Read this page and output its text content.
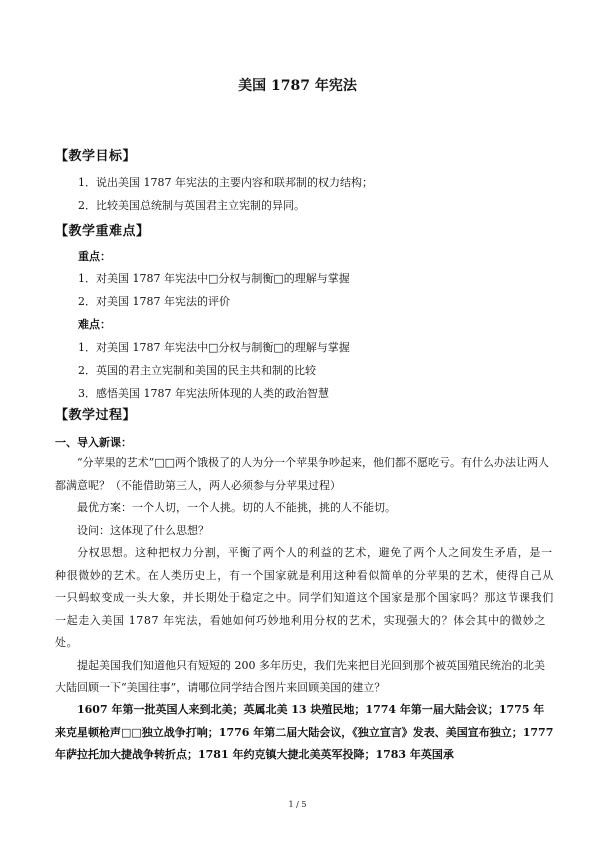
美国 1787 年宪法
【教学目标】
1．说出美国 1787 年宪法的主要内容和联邦制的权力结构；
2．比较美国总统制与英国君主立宪制的异同。
【教学重难点】
重点：
1．对美国 1787 年宪法中□分权与制衡□的理解与掌握
2．对美国 1787 年宪法的评价
难点：
1．对美国 1787 年宪法中□分权与制衡□的理解与掌握
2．英国的君主立宪制和美国的民主共和制的比较
3．感悟美国 1787 年宪法所体现的人类的政治智慧
【教学过程】
一、导入新课：

“分苹果的艺术”□□两个饿极了的人为分一个苹果争吵起来，他们都不愿吃亏。有什么办法让两人都满意呢？（不能借助第三人，两人必须参与分苹果过程）

最优方案：一个人切，一个人挑。切的人不能挑，挑的人不能切。

设问：这体现了什么思想？

分权思想。这种把权力分割，平衡了两个人的利益的艺术，避免了两个人之间发生矛盾，是一种很微妙的艺术。在人类历史上，有一个国家就是利用这种看似简单的分苹果的艺术，使得自己从一只蚂蚁变成一头大象，并长期处于稳定之中。同学们知道这个国家是那个国家吗？那这节课我们一起走入美国 1787 年宪法，看她如何巧妙地利用分权的艺术，实现强大的？体会其中的微妙之处。

提起美国我们知道他只有短短的 200 多年历史，我们先来把目光回到那个被英国殖民统治的北美大陆回顾一下“美国往事”，请哪位同学结合图片来回顾美国的建立？

1607 年第一批英国人来到北美；英属北美 13 块殖民地；1774 年第一届大陆会议；1775 年来克星顿枪声□□独立战争打响；1776 年第二届大陆会议，《独立宣言》发表、美国宣布独立；1777 年萨拉托加大捷战争转折点；1781 年约克镇大捷北美英军投降；1783 年英国承

1 / 5
